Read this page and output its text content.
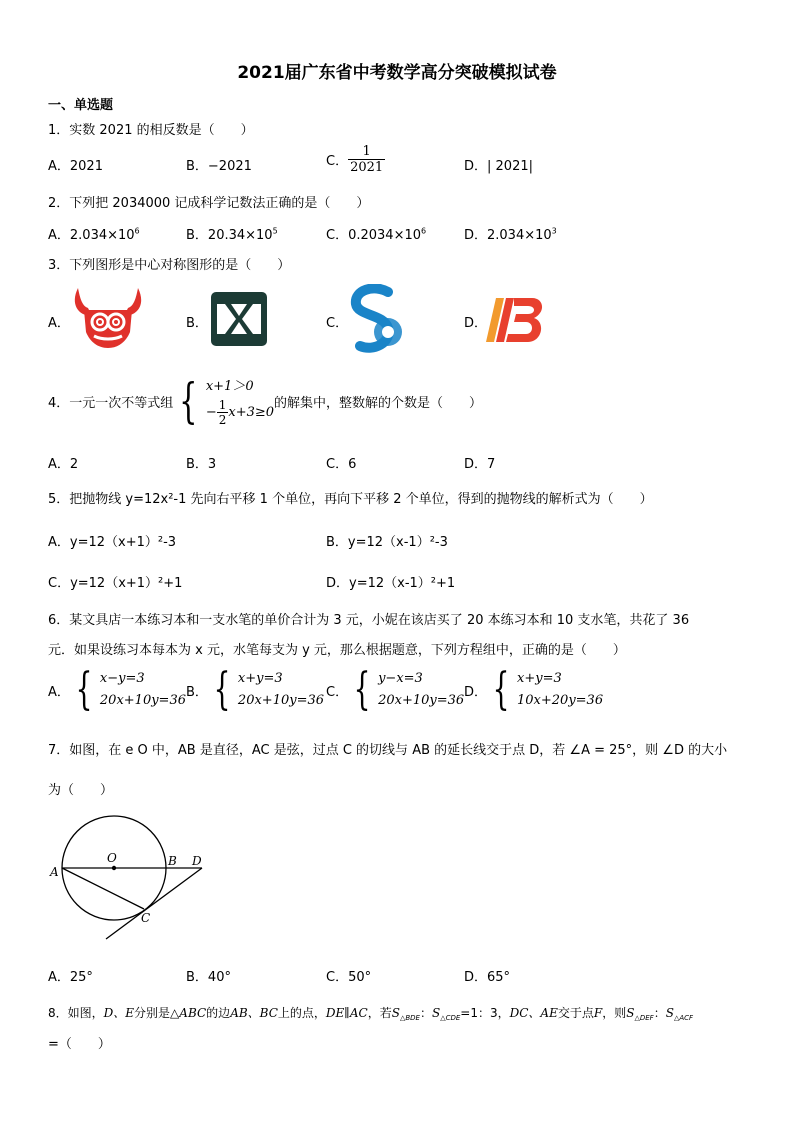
2021届广东省中考数学高分突破模拟试卷
一、单选题
1．实数 2021 的相反数是（　　）
A．2021	B．−2021	C． $\frac{1}{2021}$	D．| 2021|
2．下列把 2034000 记成科学记数法正确的是（　　）
A．$2.034\times 10^6$	B．$20.34\times 10^5$	C．$0.2034\times 10^6$	D．$2.034\times 10^3$
3．下列图形是中心对称图形的是（　　）
A．	B．	C．	D．
4．一元一次不等式组 { x+1＞0
− $\frac{1}{2} x+3\ge 0$
的解集中，整数解的个数是（　　）
A．2	B．3	C．6	D．7
5．把抛物线 y=12x²-1 先向右平移 1 个单位，再向下平移 2 个单位，得到的抛物线的解析式为（　　）
A．y=12（x+1）²-3	B．y=12（x-1）²-3
C．y=12（x+1）²+1	D．y=12（x-1）²+1
6．某文具店一本练习本和一支水笔的单价合计为 3 元，小妮在该店买了 20 本练习本和 10 支水笔，共花了 36
元．如果设练习本每本为 x 元，水笔每支为 y 元，那么根据题意，下列方程组中，正确的是（　　）
A． { x−y=3
20x+10y=36
B． { x+y=3
20x+10y=36
C． { y−x=3
20x+10y=36
D． { x+y=3
10x+20y=36
7．如图，在 e O 中，AB 是直径，AC 是弦，过点 C 的切线与 AB 的延长线交于点 D，若 ∠A = 25°，则 ∠D 的大小
为（　　）
A
O	B D
C
A．25°	B．40°	C．50°	D．65°
8．如图，D、E分别是△ABC的边AB、BC上的点，DE∥AC，若$S_{\triangle BDE}$：$S_{\triangle CDE}=1$：3，DC、AE交于点F，则$S_{\triangle DEF}$：$S_{\triangle ACF}$
=（　　）
